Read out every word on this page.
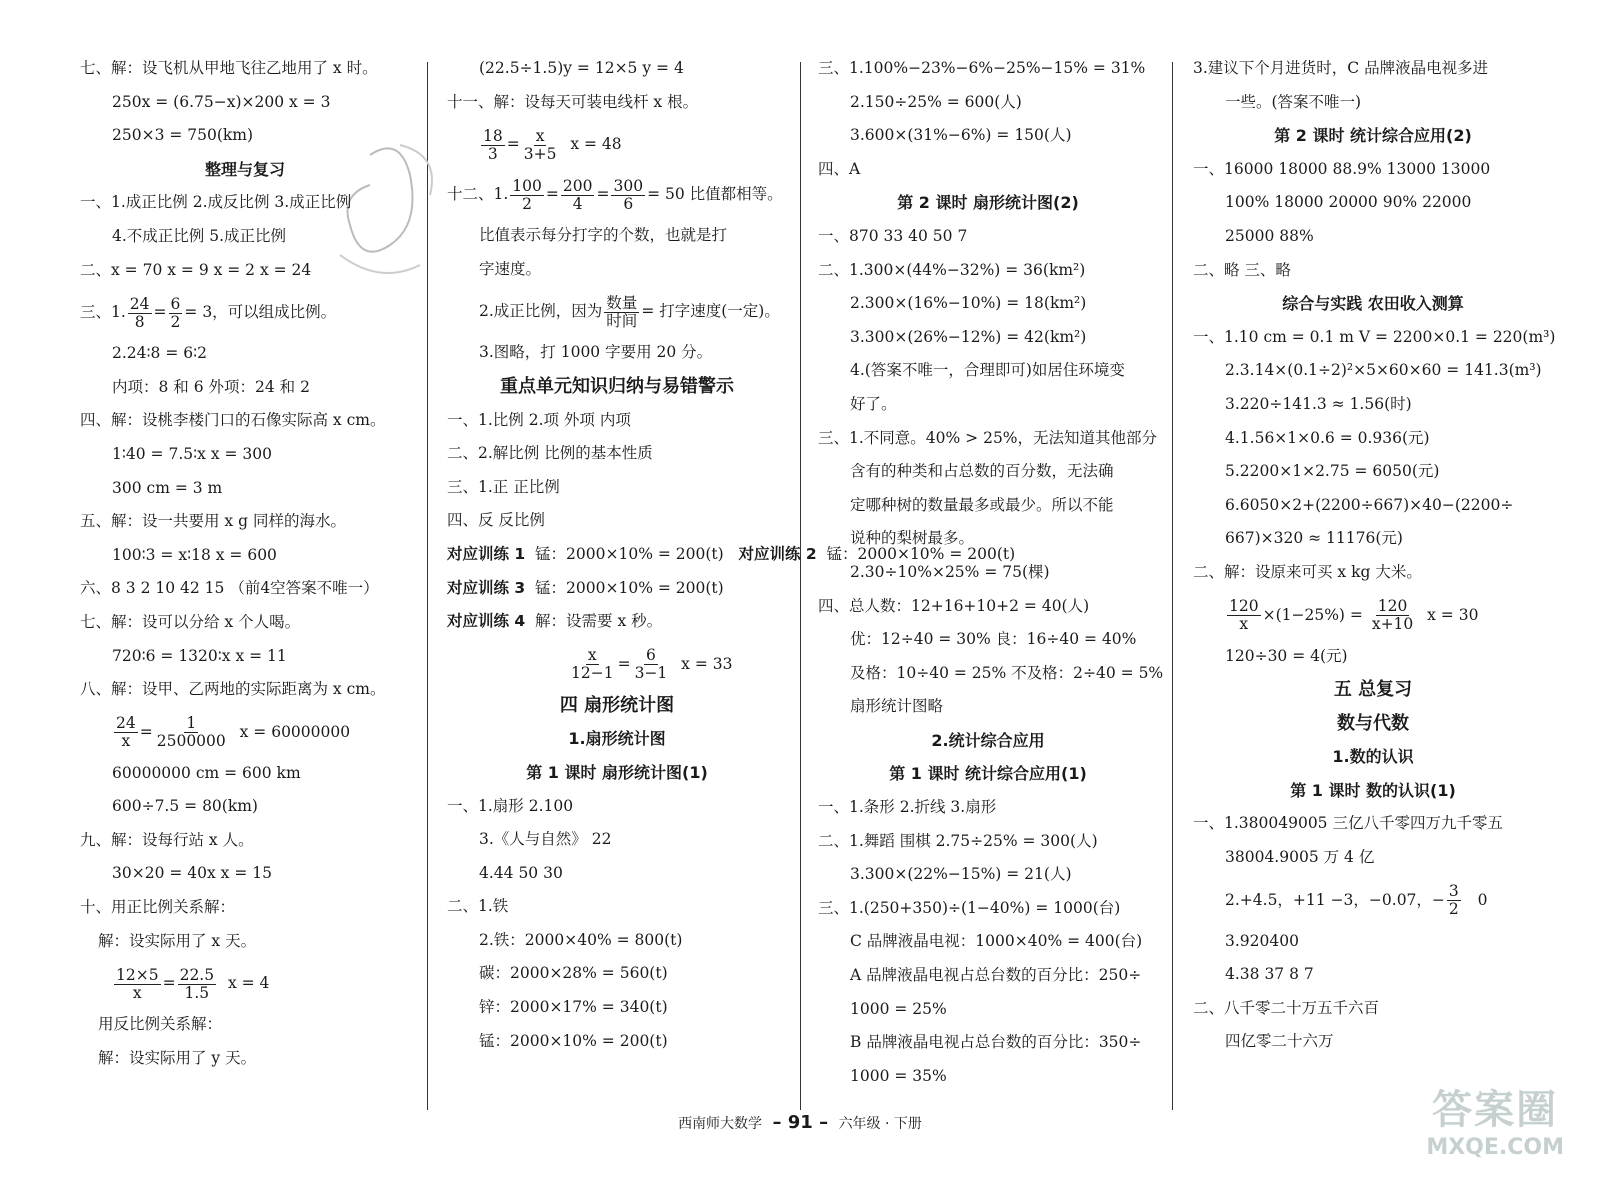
七、解：设飞机从甲地飞往乙地用了 x 时。
250x = (6.75−x)×200 x = 3
250×3 = 750(km)
整理与复习
一、1.成正比例 2.成反比例 3.成正比例
4.不成正比例 5.成正比例
二、x = 70 x = 9 x = 2 x = 24
三、1. $\frac{24}{8} = \frac{6}{2} = 3$，可以组成比例。
2.24∶8 = 6∶2
内项：8 和 6 外项：24 和 2
四、解：设桃李楼门口的石像实际高 x cm。
1∶40 = 7.5∶x x = 300
300 cm = 3 m
五、解：设一共要用 x g 同样的海水。
100∶3 = x∶18 x = 600
六、8 3 2 10 42 15 （前4空答案不唯一）
七、解：设可以分给 x 个人喝。
720∶6 = 1320∶x x = 11
八、解：设甲、乙两地的实际距离为 x cm。
$\frac{24}{x} = \frac{1}{2500000}$ x = 60000000
60000000 cm = 600 km
600÷7.5 = 80(km)
九、解：设每行站 x 人。
30×20 = 40x x = 15
十、用正比例关系解：
解：设实际用了 x 天。
$\frac{12\times 5}{x} = \frac{22.5}{1.5}$ x = 4
用反比例关系解：
解：设实际用了 y 天。
(22.5÷1.5)y = 12×5 y = 4
十一、解：设每天可装电线杆 x 根。
$\frac{18}{3} = \frac{x}{3+5}$ x = 48
十二、1. $\frac{100}{2} = \frac{200}{4} = \frac{300}{6} = 50$ 比值都相等。
比值表示每分打字的个数，也就是打
字速度。
2.成正比例，因为 $\frac{\text{数量}}{\text{时间}}$ = 打字速度(一定)。
3.图略，打 1000 字要用 20 分。
重点单元知识归纳与易错警示
一、1.比例 2.项 外项 内项
二、2.解比例 比例的基本性质
三、1.正 正比例
四、反 反比例
对应训练 1 锰：2000×10% = 200(t) 对应训练 2 锰：2000×10% = 200(t)
对应训练 3 锰：2000×10% = 200(t)
对应训练 4 解：设需要 x 秒。
$\frac{x}{12-1} = \frac{6}{3-1}$ x = 33
四 扇形统计图
1.扇形统计图
第 1 课时 扇形统计图(1)
一、1.扇形 2.100
3.《人与自然》 22
4.44 50 30
二、1.铁
2.铁：2000×40% = 800(t)
碳：2000×28% = 560(t)
锌：2000×17% = 340(t)
锰：2000×10% = 200(t)
三、1.100%−23%−6%−25%−15% = 31%
2.150÷25% = 600(人)
3.600×(31%−6%) = 150(人)
四、A
第 2 课时 扇形统计图(2)
一、870 33 40 50 7
二、1.300×(44%−32%) = 36(km²)
2.300×(16%−10%) = 18(km²)
3.300×(26%−12%) = 42(km²)
4.(答案不唯一，合理即可)如居住环境变
好了。
三、1.不同意。40% > 25%，无法知道其他部分
含有的种类和占总数的百分数，无法确
定哪种树的数量最多或最少。所以不能
说种的梨树最多。
2.30÷10%×25% = 75(棵)
四、总人数：12+16+10+2 = 40(人)
优：12÷40 = 30% 良：16÷40 = 40%
及格：10÷40 = 25% 不及格：2÷40 = 5%
扇形统计图略
2.统计综合应用
第 1 课时 统计综合应用(1)
一、1.条形 2.折线 3.扇形
二、1.舞蹈 围棋 2.75÷25% = 300(人)
3.300×(22%−15%) = 21(人)
三、1.(250+350)÷(1−40%) = 1000(台)
C 品牌液晶电视：1000×40% = 400(台)
A 品牌液晶电视占总台数的百分比：250÷
1000 = 25%
B 品牌液晶电视占总台数的百分比：350÷
1000 = 35%
3.建议下个月进货时，C 品牌液晶电视多进
一些。(答案不唯一)
第 2 课时 统计综合应用(2)
一、16000 18000 88.9% 13000 13000
100% 18000 20000 90% 22000
25000 88%
二、略 三、略
综合与实践 农田收入测算
一、1.10 cm = 0.1 m V = 2200×0.1 = 220(m³)
2.3.14×(0.1÷2)²×5×60×60 = 141.3(m³)
3.220÷141.3 ≈ 1.56(时)
4.1.56×1×0.6 = 0.936(元)
5.2200×1×2.75 = 6050(元)
6.6050×2+(2200÷667)×40−(2200÷
667)×320 ≈ 11176(元)
二、解：设原来可买 x kg 大米。
$\frac{120}{x} \times(1-25\%) = \frac{120}{x+10}$ x = 30
120÷30 = 4(元)
五 总复习
数与代数
1.数的认识
第 1 课时 数的认识(1)
一、1.380049005 三亿八千零四万九千零五
38004.9005 万 4 亿
2.+4.5，+11 −3，−0.07，− $\frac{3}{2} 0$
3.920400
4.38 37 8 7
二、八千零二十万五千六百
四亿零二十六万
西南师大数学 – 91 – 六年级 · 下册	答案圈
MXQE.COM
